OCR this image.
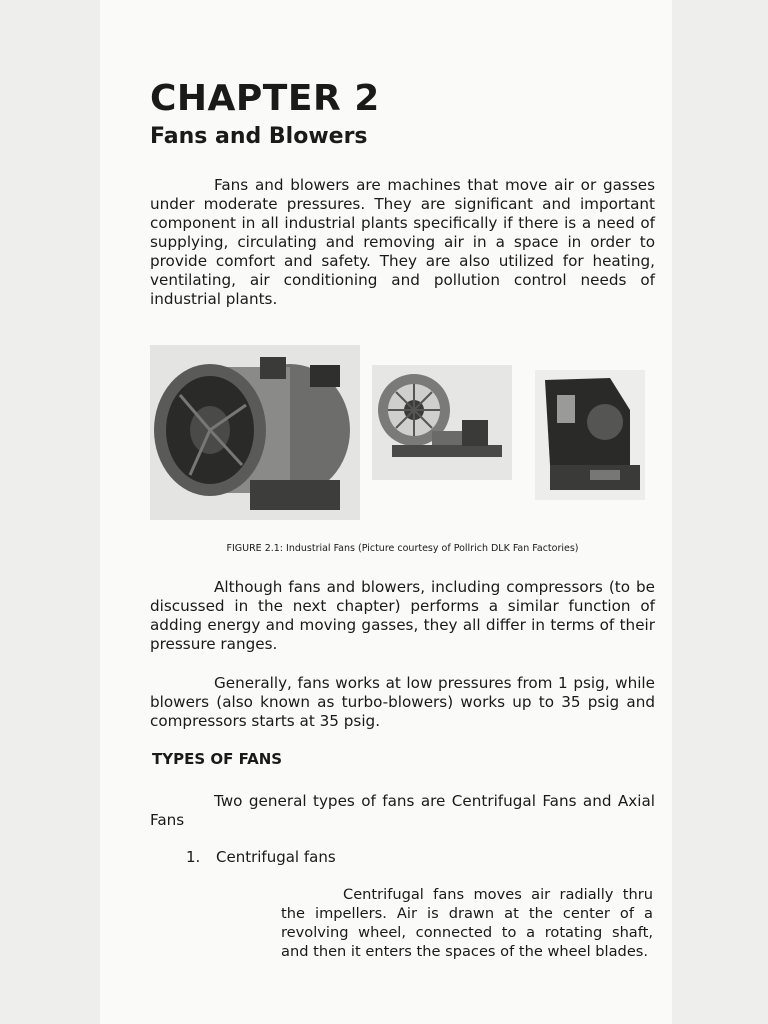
CHAPTER 2
Fans and Blowers

Fans and blowers are machines that move air or gasses under moderate pressures. They are significant and important component in all industrial plants specifically if there is a need of supplying, circulating and removing air in a space in order to provide comfort and safety. They are also utilized for heating, ventilating, air conditioning and pollution control needs of industrial plants.

FIGURE 2.1: Industrial Fans (Picture courtesy of Pollrich DLK Fan Factories)

Although fans and blowers, including compressors (to be discussed in the next chapter) performs a similar function of adding energy and moving gasses, they all differ in terms of their pressure ranges.

Generally, fans works at low pressures from 1 psig, while blowers (also known as turbo-blowers) works up to 35 psig and compressors starts at 35 psig.

TYPES OF FANS

Two general types of fans are Centrifugal Fans and Axial Fans

1. Centrifugal fans

Centrifugal fans moves air radially thru the impellers. Air is drawn at the center of a revolving wheel, connected to a rotating shaft, and then it enters the spaces of the wheel blades.
